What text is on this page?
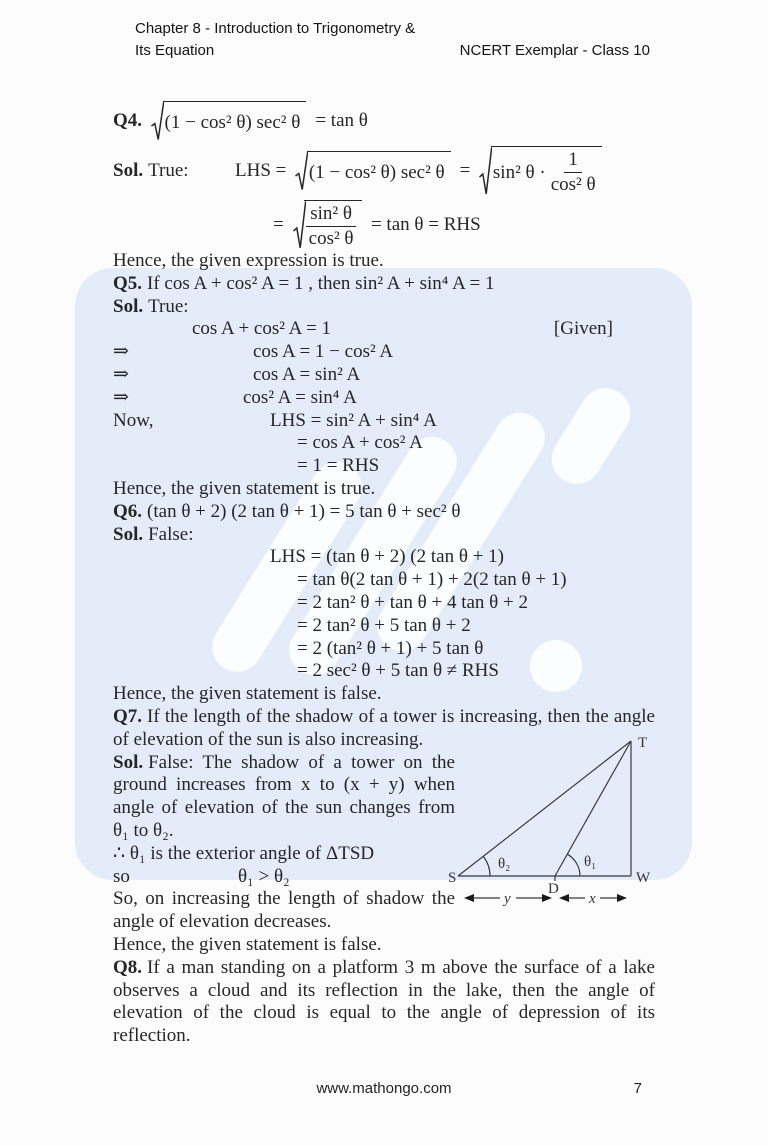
Chapter 8 - Introduction to Trigonometry &
Its Equation	NCERT Exemplar - Class 10
Q4. (1 − cos² θ) sec² θ = tan θ
Sol. True:	LHS = (1 − cos² θ) sec² θ = sin² $\theta \cdot \frac{1}{\text{cos² θ}}$
= $\frac{\text{sin² θ}}{\text{cos² θ}} = \tan \theta$ = RHS
Hence, the given expression is true.
Q5. If cos A + cos² A = 1 , then sin² A + sin⁴ A = 1
Sol. True:
cos A + cos² A = 1	[Given]
⇒	cos A = 1 − cos² A
⇒	cos A = sin² A
⇒	cos² A = sin⁴ A
Now,	LHS = sin² A + sin⁴ A
= cos A + cos² A
= 1 = RHS
Hence, the given statement is true.
Q6. (tan θ + 2) (2 tan θ + 1) = 5 tan θ + sec² θ
Sol. False:
LHS = (tan θ + 2) (2 tan θ + 1)
= tan θ(2 tan θ + 1) + 2(2 tan θ + 1)
= 2 tan² θ + tan θ + 4 tan θ + 2
= 2 tan² θ + 5 tan θ + 2
= 2 (tan² θ + 1) + 5 tan θ
= 2 sec² θ + 5 tan θ ≠ RHS
Hence, the given statement is false.
Q7. If the length of the shadow of a tower is increasing, then the angle of elevation of the sun is also increasing.
Sol. False: The shadow of a tower on the ground increases from x to (x + y) when angle of elevation of the sun changes from θ₁ to θ₂.
∴ θ₁ is the exterior angle of ΔTSD
so	θ₁ > θ₂
So, on increasing the length of shadow the angle of elevation decreases.
Hence, the given statement is false.
Q8. If a man standing on a platform 3 m above the surface of a lake observes a cloud and its reflection in the lake, then the angle of elevation of the cloud is equal to the angle of depression of its reflection.
T
S
D
W
θ₂	θ₁
y	x
www.mathongo.com	7
